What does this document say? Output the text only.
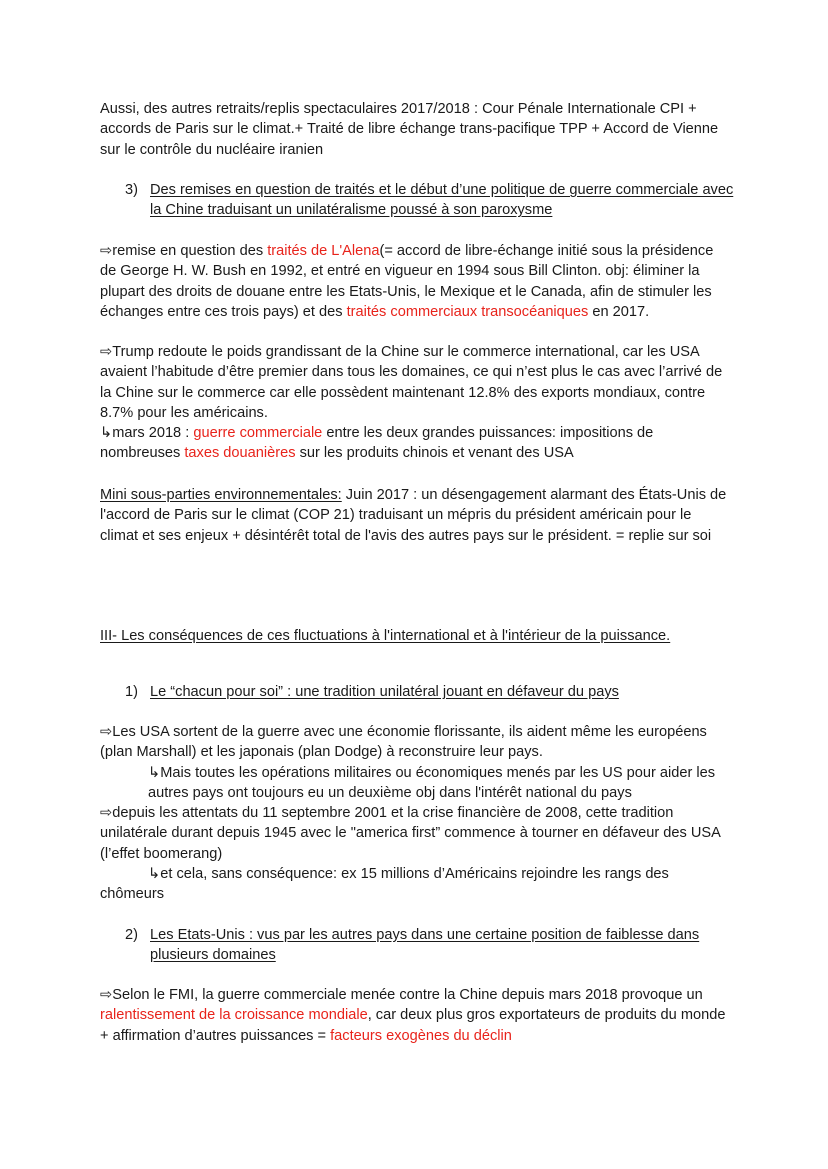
Aussi, des autres retraits/replis spectaculaires 2017/2018 : Cour Pénale Internationale CPI + accords de Paris sur le climat.+ Traité de libre échange trans-pacifique TPP + Accord de Vienne sur le contrôle du nucléaire iranien

3) Des remises en question de traités et le début d’une politique de guerre commerciale avec la Chine traduisant un unilatéralisme poussé à son paroxysme

⇨remise en question des traités de L'Alena(= accord de libre-échange initié sous la présidence de George H. W. Bush en 1992, et entré en vigueur en 1994 sous Bill Clinton. obj: éliminer la plupart des droits de douane entre les Etats-Unis, le Mexique et le Canada, afin de stimuler les échanges entre ces trois pays) et des traités commerciaux transocéaniques en 2017.

⇨Trump redoute le poids grandissant de la Chine sur le commerce international, car les USA avaient l’habitude d’être premier dans tous les domaines, ce qui n’est plus le cas avec l’arrivé de la Chine sur le commerce car elle possèdent maintenant 12.8% des exports mondiaux, contre 8.7% pour les américains.

↳mars 2018 : guerre commerciale entre les deux grandes puissances: impositions de nombreuses taxes douanières sur les produits chinois et venant des USA

Mini sous-parties environnementales: Juin 2017 : un désengagement alarmant des États-Unis de l'accord de Paris sur le climat (COP 21) traduisant un mépris du président américain pour le climat et ses enjeux + désintérêt total de l'avis des autres pays sur le président. = replie sur soi

III- Les conséquences de ces fluctuations à l'international et à l'intérieur de la puissance.

1) Le “chacun pour soi” : une tradition unilatéral jouant en défaveur du pays

⇨Les USA sortent de la guerre avec une économie florissante, ils aident même les européens (plan Marshall) et les japonais (plan Dodge) à reconstruire leur pays.

↳Mais toutes les opérations militaires ou économiques menés par les US pour aider les autres pays ont toujours eu un deuxième obj dans l'intérêt national du pays

⇨depuis les attentats du 11 septembre 2001 et la crise financière de 2008, cette tradition unilatérale durant depuis 1945 avec le "america first” commence à tourner en défaveur des USA (l’effet boomerang)

↳et cela, sans conséquence: ex 15 millions d’Américains rejoindre les rangs des chômeurs

2) Les Etats-Unis : vus par les autres pays dans une certaine position de faiblesse dans plusieurs domaines

⇨Selon le FMI, la guerre commerciale menée contre la Chine depuis mars 2018 provoque un ralentissement de la croissance mondiale, car deux plus gros exportateurs de produits du monde + affirmation d’autres puissances = facteurs exogènes du déclin
